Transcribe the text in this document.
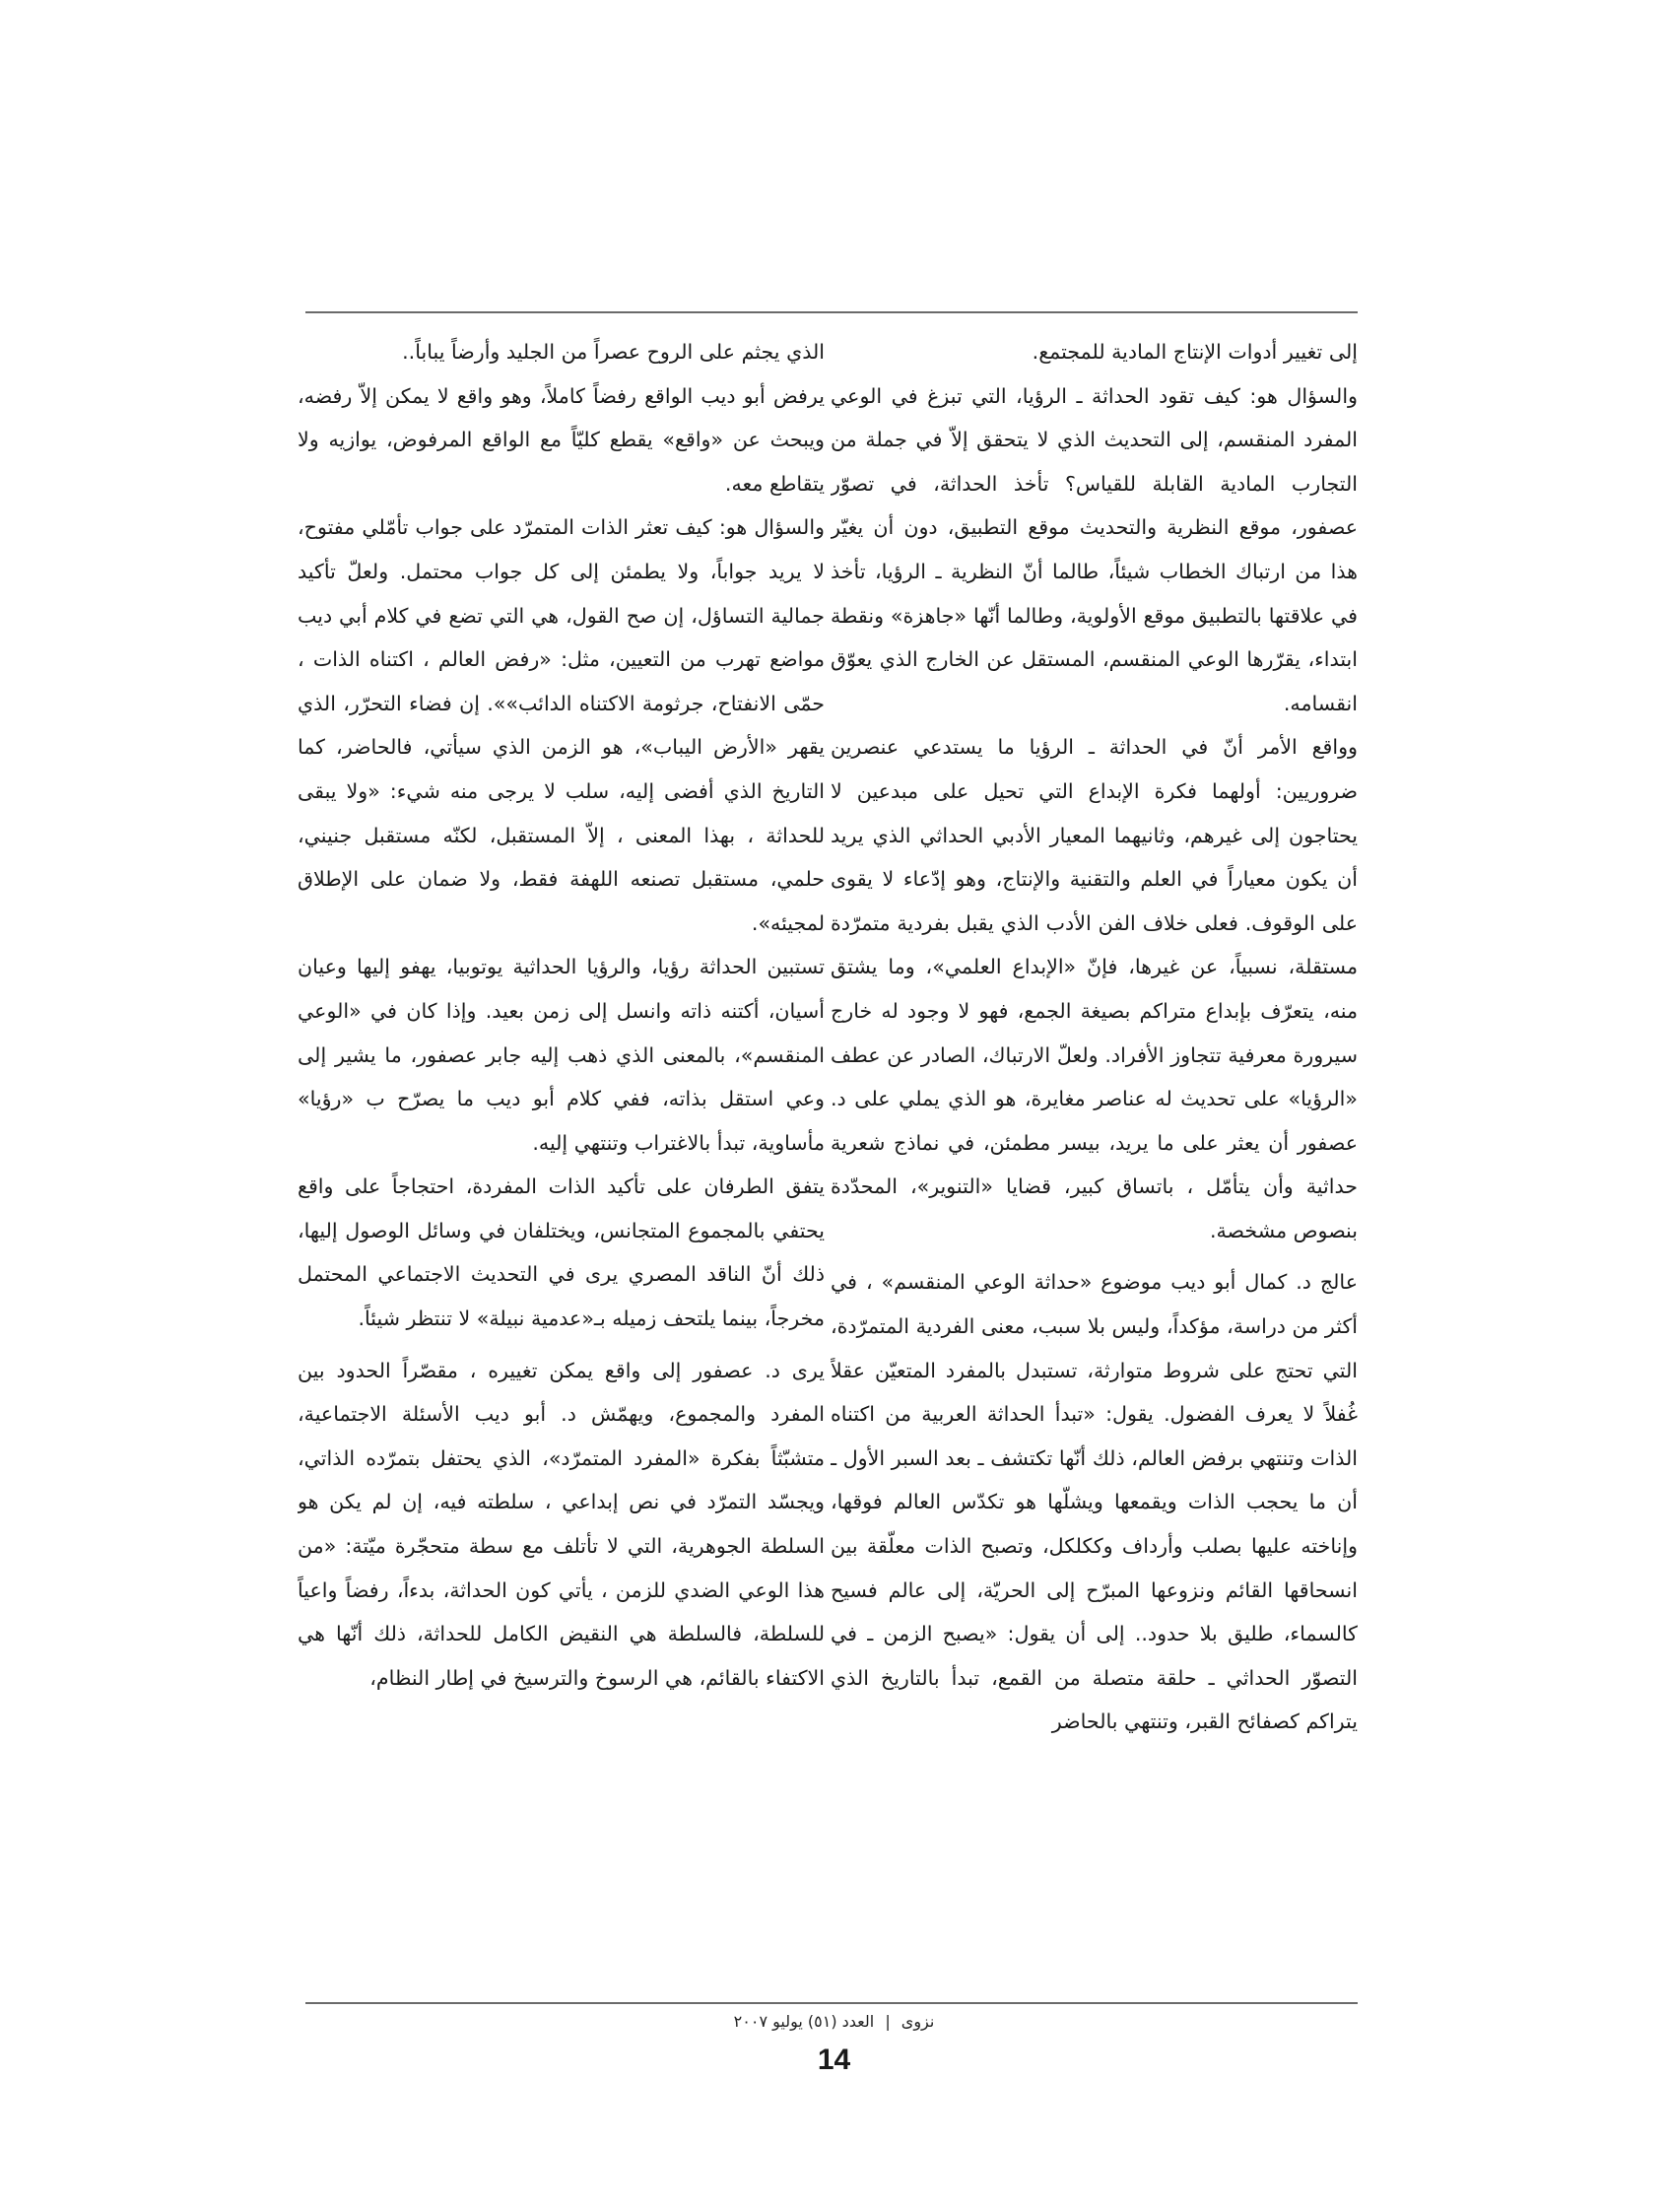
إلى تغيير أدوات الإنتاج المادية للمجتمع.

والسؤال هو: كيف تقود الحداثة ـ الرؤيا، التي تبزغ في الوعي المفرد المنقسم، إلى التحديث الذي لا يتحقق إلاّ في جملة من التجارب المادية القابلة للقياس؟ تأخذ الحداثة، في تصوّر عصفور، موقع النظرية والتحديث موقع التطبيق، دون أن يغيّر هذا من ارتباك الخطاب شيئاً، طالما أنّ النظرية ـ الرؤيا، تأخذ في علاقتها بالتطبيق موقع الأولوية، وطالما أنّها «جاهزة» ونقطة ابتداء، يقرّرها الوعي المنقسم، المستقل عن الخارج الذي يعوّق انقسامه.

وواقع الأمر أنّ في الحداثة ـ الرؤيا ما يستدعي عنصرين ضروريين: أولهما فكرة الإبداع التي تحيل على مبدعين لا يحتاجون إلى غيرهم، وثانيهما المعيار الأدبي الحداثي الذي يريد أن يكون معياراً في العلم والتقنية والإنتاج، وهو إدّعاء لا يقوى على الوقوف. فعلى خلاف الفن الأدب الذي يقبل بفردية متمرّدة مستقلة، نسبياً، عن غيرها، فإنّ «الإبداع العلمي»، وما يشتق منه، يتعرّف بإبداع متراكم بصيغة الجمع، فهو لا وجود له خارج سيرورة معرفية تتجاوز الأفراد. ولعلّ الارتباك، الصادر عن عطف «الرؤيا» على تحديث له عناصر مغايرة، هو الذي يملي على د. عصفور أن يعثر على ما يريد، بيسر مطمئن، في نماذج شعرية حداثية وأن يتأمّل ، باتساق كبير، قضايا «التنوير»، المحدّدة بنصوص مشخصة.

عالج د. كمال أبو ديب موضوع «حداثة الوعي المنقسم» ، في أكثر من دراسة، مؤكداً، وليس بلا سبب، معنى الفردية المتمرّدة، التي تحتج على شروط متوارثة، تستبدل بالمفرد المتعيّن عقلاً غُفلاً لا يعرف الفضول. يقول: «تبدأ الحداثة العربية من اكتناه الذات وتنتهي برفض العالم، ذلك أنّها تكتشف ـ بعد السبر الأول ـ أن ما يحجب الذات ويقمعها ويشلّها هو تكدّس العالم فوقها، وإناخته عليها بصلب وأرداف وككلكل، وتصبح الذات معلّقة بين انسحاقها القائم ونزوعها المبرّح إلى الحريّة، إلى عالم فسيح كالسماء، طليق بلا حدود.. إلى أن يقول: «يصبح الزمن ـ في التصوّر الحداثي ـ حلقة متصلة من القمع، تبدأ بالتاريخ الذي يتراكم كصفائح القبر، وتنتهي بالحاضر

الذي يجثم على الروح عصراً من الجليد وأرضاً يباباً..

يرفض أبو ديب الواقع رفضاً كاملاً، وهو واقع لا يمكن إلاّ رفضه، ويبحث عن «واقع» يقطع كليّاً مع الواقع المرفوض، يوازيه ولا يتقاطع معه.

والسؤال هو: كيف تعثر الذات المتمرّد على جواب تأمّلي مفتوح، لا يريد جواباً، ولا يطمئن إلى كل جواب محتمل. ولعلّ تأكيد جمالية التساؤل، إن صح القول، هي التي تضع في كلام أبي ديب مواضع تهرب من التعيين، مثل: «رفض العالم ، اكتناه الذات ، حمّى الانفتاح، جرثومة الاكتناه الدائب»». إن فضاء التحرّر، الذي يقهر «الأرض اليباب»، هو الزمن الذي سيأتي، فالحاضر، كما التاريخ الذي أفضى إليه، سلب لا يرجى منه شيء: «ولا يبقى للحداثة ، بهذا المعنى ، إلاّ المستقبل، لكنّه مستقبل جنيني، حلمي، مستقبل تصنعه اللهفة فقط، ولا ضمان على الإطلاق لمجيئه».

تستبين الحداثة رؤيا، والرؤيا الحداثية يوتوبيا، يهفو إليها وعيان أسيان، أكتنه ذاته وانسل إلى زمن بعيد. وإذا كان في «الوعي المنقسم»، بالمعنى الذي ذهب إليه جابر عصفور، ما يشير إلى وعي استقل بذاته، ففي كلام أبو ديب ما يصرّح ب «رؤيا» مأساوية، تبدأ بالاغتراب وتنتهي إليه.

يتفق الطرفان على تأكيد الذات المفردة، احتجاجاً على واقع يحتفي بالمجموع المتجانس، ويختلفان في وسائل الوصول إليها، ذلك أنّ الناقد المصري يرى في التحديث الاجتماعي المحتمل مخرجاً، بينما يلتحف زميله بـ«عدمية نبيلة» لا تنتظر شيئاً.

يرى د. عصفور إلى واقع يمكن تغييره ، مقصّراً الحدود بين المفرد والمجموع، ويهمّش د. أبو ديب الأسئلة الاجتماعية، متشبّثاً بفكرة «المفرد المتمرّد»، الذي يحتفل بتمرّده الذاتي، ويجسّد التمرّد في نص إبداعي ، سلطته فيه، إن لم يكن هو السلطة الجوهرية، التي لا تأتلف مع سطة متحجّرة ميّتة: «من هذا الوعي الضدي للزمن ، يأتي كون الحداثة، بدءاً، رفضاً واعياً للسلطة، فالسلطة هي النقيض الكامل للحداثة، ذلك أنّها هي الاكتفاء بالقائم، هي الرسوخ والترسيخ في إطار النظام،

نزوى | العدد (٥١) يوليو ٢٠٠٧
14
